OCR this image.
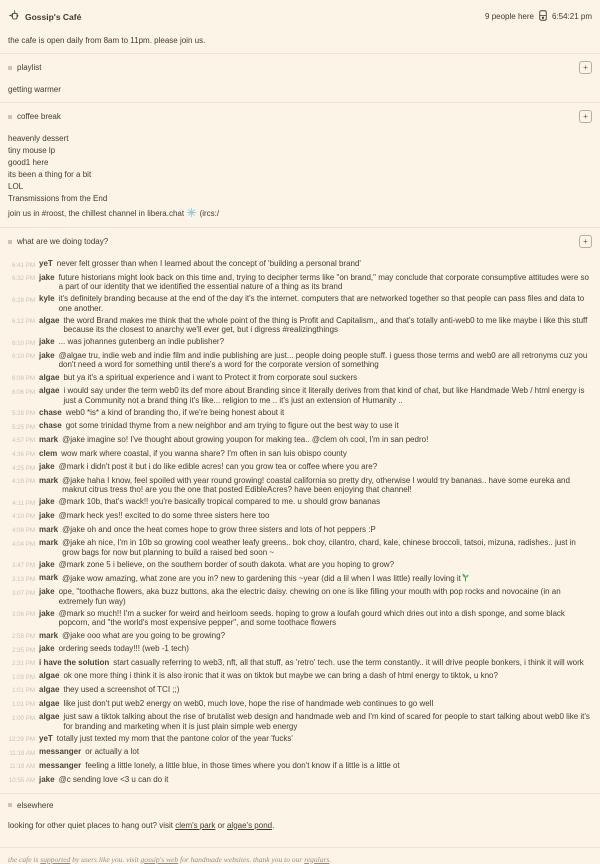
Gossip's Café	9 people here 6:54:21 pm

the cafe is open daily from 8am to 11pm. please join us.

playlist	+

getting warmer

coffee break	+

heavenly dessert

tiny mouse lp

good1 here

its been a thing for a bit

LOL

Transmissions from the End

join us in #roost, the chillest channel in libera.chat (ircs:/

what are we doing today?	+
6:41 PM yeT never felt grosser than when I learned about the concept of 'building a personal brand'
6:32 PM jake future historians might look back on this time and, trying to decipher terms like "on brand," may conclude that corporate consumptive attitudes were so a part of our identity that we identified the essential nature of a thing as its brand
6:28 PM kyle it's definitely branding because at the end of the day it's the internet. computers that are networked together so that people can pass files and data to one another.
6:12 PM algae the word Brand makes me think that the whole point of the thing is Profit and Capitalism,, and that's totally anti-web0 to me like maybe i like this stuff because its the closest to anarchy we'll ever get, but i digress #realizingthings
6:10 PM jake ... was johannes gutenberg an indie publisher?
6:10 PM jake @algae tru, indie web and indie film and indie publishing are just... people doing people stuff. i guess those terms and web0 are all retronyms cuz you don't need a word for something until there's a word for the corporate version of something
6:08 PM algae but ya it's a spiritual experience and i want to Protect it from corporate soul suckers
6:06 PM algae i would say under the term web0 its def more about Branding since it literally derives from that kind of chat, but like Handmade Web / html energy is just a Community not a brand thing it's like... religion to me .. it's just an extension of Humanity ..
5:28 PM chase web0 *is* a kind of branding tho, if we're being honest about it
5:25 PM chase got some trinidad thyme from a new neighbor and am trying to figure out the best way to use it
4:57 PM mark @jake imagine so! I've thought about growing youpon for making tea.. @clem oh cool, I'm in san pedro!
4:36 PM clem wow mark where coastal, if you wanna share? I'm often in san luis obispo county
4:25 PM jake @mark i didn't post it but i do like edible acres! can you grow tea or coffee where you are?
4:19 PM mark @jake haha I know, feel spoiled with year round growing! coastal california so pretty dry, otherwise I would try bananas.. have some eureka and makrut citrus tress tho! are you the one that posted EdibleAcres? have been enjoying that channel!
4:11 PM jake @mark 10b, that's wack!! you're basically tropical compared to me. u should grow bananas
4:10 PM jake @mark heck yes!! excited to do some three sisters here too
4:08 PM mark @jake oh and once the heat comes hope to grow three sisters and lots of hot peppers :P
4:04 PM mark @jake ah nice, I'm in 10b so growing cool weather leafy greens.. bok choy, cilantro, chard, kale, chinese broccoli, tatsoi, mizuna, radishes.. just in grow bags for now but planning to build a raised bed soon ~
3:47 PM jake @mark zone 5 i believe, on the southern border of south dakota. what are you hoping to grow?
3:13 PM mark @jake wow amazing, what zone are you in? new to gardening this ~year (did a lil when I was little) really loving it
3:07 PM jake ope, "toothache flowers, aka buzz buttons, aka the electric daisy. chewing on one is like filling your mouth with pop rocks and novocaine (in an extremely fun way)
3:06 PM jake @mark so much!! I'm a sucker for weird and heirloom seeds. hoping to grow a loufah gourd which dries out into a dish sponge, and some black popcorn, and "the world's most expensive pepper", and some toothace flowers
2:58 PM mark @jake ooo what are you going to be growing?
2:35 PM jake ordering seeds today!!! (web -1 tech)
2:31 PM i have the solution start casually referring to web3, nft, all that stuff, as 'retro' tech. use the term constantly.. it will drive people bonkers, i think it will work
1:03 PM algae ok one more thing i think it is also ironic that it was on tiktok but maybe we can bring a dash of html energy to tiktok, u kno?
1:01 PM algae they used a screenshot of TCI ;;)
1:01 PM algae like just don't put web2 energy on web0, much love, hope the rise of handmade web continues to go well
1:00 PM algae just saw a tiktok talking about the rise of brutalist web design and handmade web and I'm kind of scared for people to start talking about web0 like it's for branding and marketing when it is just plain simple web energy
12:29 PM yeT totally just texted my mom that the pantone color of the year 'fucks'
11:19 AM messanger or actually a lot
11:19 AM messanger feeling a little lonely, a little blue, in those times where you don't know if a little is a little ot
10:55 AM jake @c sending love <3 u can do it
elsewhere

looking for other quiet places to hang out? visit clem's park or algae's pond.

the cafe is supported by users like you. visit gossip's web for handmade websites. thank you to our regulars.
